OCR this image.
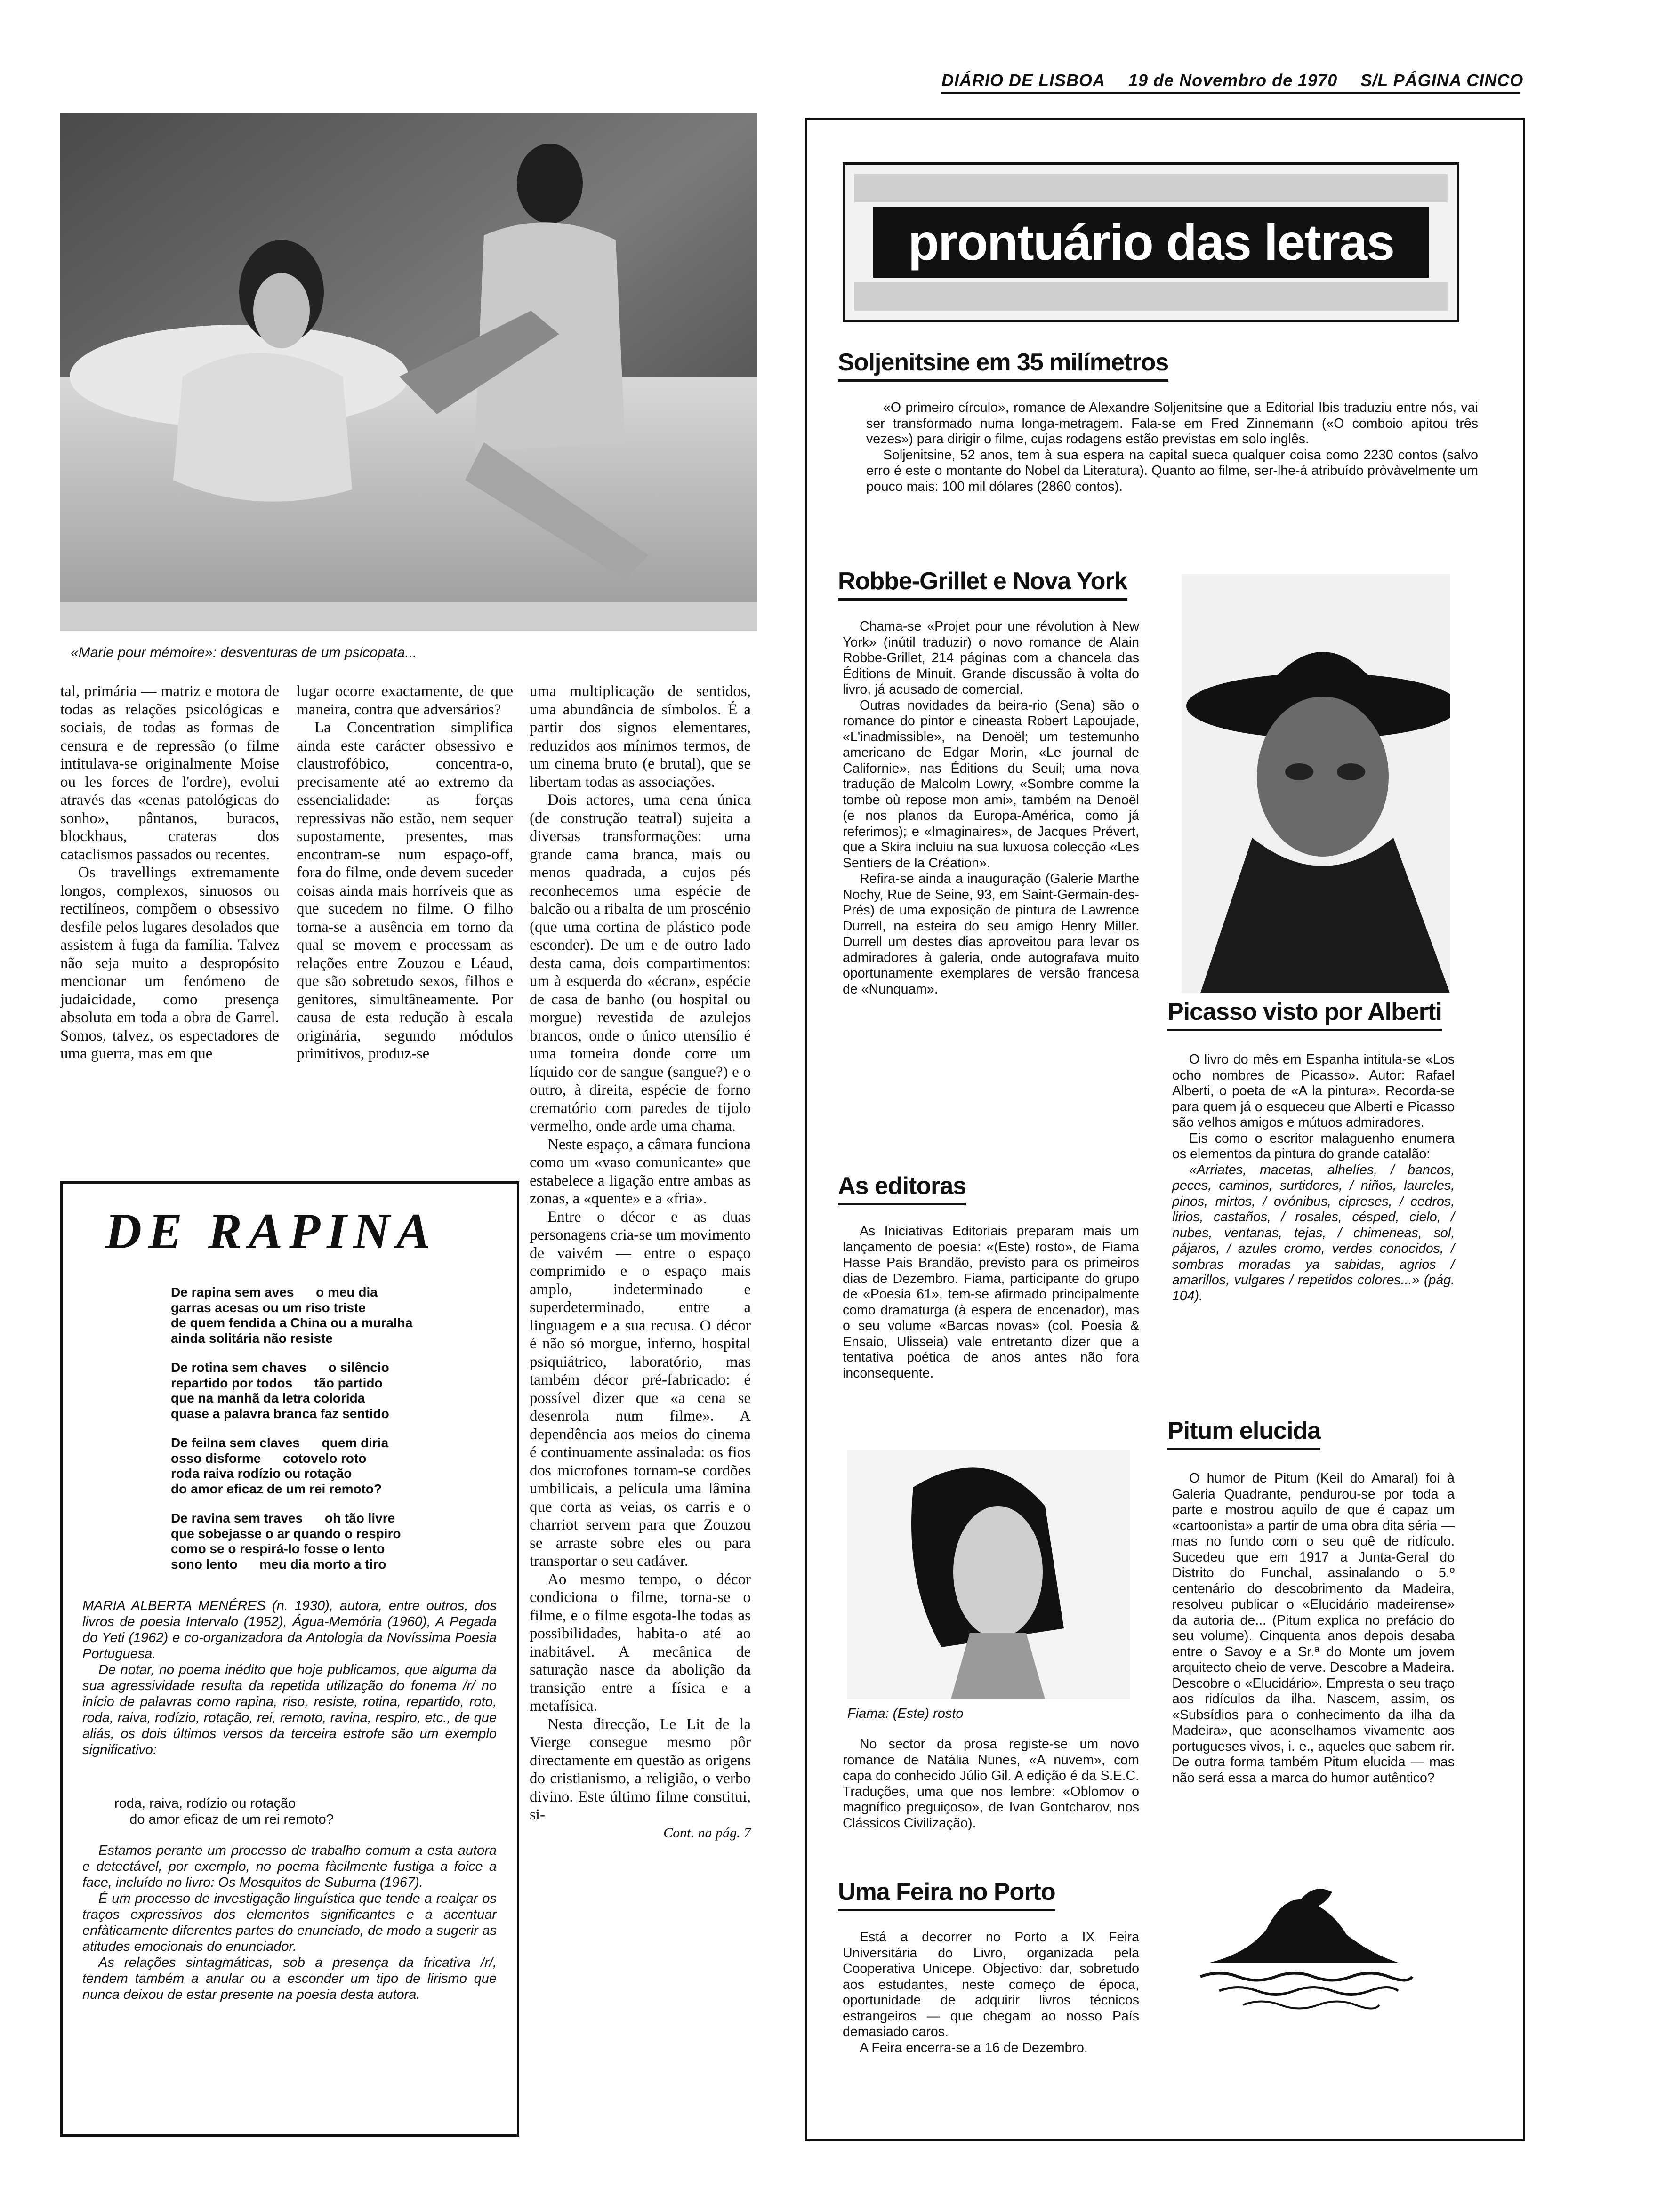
DIÁRIO DE LISBOA 19 de Novembro de 1970 S/L PÁGINA CINCO
«Marie pour mémoire»: desventuras de um psicopata...

tal, primária — matriz e motora de todas as relações psicológicas e sociais, de todas as formas de censura e de repressão (o filme intitulava-se originalmente Moise ou les forces de l'ordre), evolui através das «cenas patológicas do sonho», pântanos, buracos, blockhaus, crateras dos cataclismos passados ou recentes.

Os travellings extremamente longos, complexos, sinuosos ou rectilíneos, compõem o obsessivo desfile pelos lugares desolados que assistem à fuga da família. Talvez não seja muito a despropósito mencionar um fenómeno de judaicidade, como presença absoluta em toda a obra de Garrel. Somos, talvez, os espectadores de uma guerra, mas em que

lugar ocorre exactamente, de que maneira, contra que adversários?

La Concentration simplifica ainda este carácter obsessivo e claustrofóbico, concentra-o, precisamente até ao extremo da essencialidade: as forças repressivas não estão, nem sequer supostamente, presentes, mas encontram-se num espaço-off, fora do filme, onde devem suceder coisas ainda mais horríveis que as que sucedem no filme. O filho torna-se a ausência em torno da qual se movem e processam as relações entre Zouzou e Léaud, que são sobretudo sexos, filhos e genitores, simultâneamente. Por causa de esta redução à escala originária, segundo módulos primitivos, produz-se

uma multiplicação de sentidos, uma abundância de símbolos. É a partir dos signos elementares, reduzidos aos mínimos termos, de um cinema bruto (e brutal), que se libertam todas as associações.

Dois actores, uma cena única (de construção teatral) sujeita a diversas transformações: uma grande cama branca, mais ou menos quadrada, a cujos pés reconhecemos uma espécie de balcão ou a ribalta de um proscénio (que uma cortina de plástico pode esconder). De um e de outro lado desta cama, dois compartimentos: um à esquerda do «écran», espécie de casa de banho (ou hospital ou morgue) revestida de azulejos brancos, onde o único utensílio é uma torneira donde corre um líquido cor de sangue (sangue?) e o outro, à direita, espécie de forno crematório com paredes de tijolo vermelho, onde arde uma chama.

Neste espaço, a câmara funciona como um «vaso comunicante» que estabelece a ligação entre ambas as zonas, a «quente» e a «fria».

Entre o décor e as duas personagens cria-se um movimento de vaivém — entre o espaço comprimido e o espaço mais amplo, indeterminado e superdeterminado, entre a linguagem e a sua recusa. O décor é não só morgue, inferno, hospital psiquiátrico, laboratório, mas também décor pré-fabricado: é possível dizer que «a cena se desenrola num filme». A dependência aos meios do cinema é continuamente assinalada: os fios dos microfones tornam-se cordões umbilicais, a película uma lâmina que corta as veias, os carris e o charriot servem para que Zouzou se arraste sobre eles ou para transportar o seu cadáver.

Ao mesmo tempo, o décor condiciona o filme, torna-se o filme, e o filme esgota-lhe todas as possibilidades, habita-o até ao inabitável. A mecânica de saturação nasce da abolição da transição entre a física e a metafísica.

Nesta direcção, Le Lit de la Vierge consegue mesmo pôr directamente em questão as origens do cristianismo, a religião, o verbo divino. Este último filme constitui, si-

Cont. na pág. 7
DE RAPINA
De rapina sem aves      o meu dia
garras acesas ou um riso triste
de quem fendida a China ou a muralha
ainda solitária não resiste
De rotina sem chaves      o silêncio
repartido por todos      tão partido
que na manhã da letra colorida
quase a palavra branca faz sentido
De feilna sem claves      quem diria
osso disforme      cotovelo roto
roda raiva rodízio ou rotação
do amor eficaz de um rei remoto?
De ravina sem traves      oh tão livre
que sobejasse o ar quando o respiro
como se o respirá-lo fosse o lento
sono lento      meu dia morto a tiro

MARIA ALBERTA MENÉRES (n. 1930), autora, entre outros, dos livros de poesia Intervalo (1952), Água-Memória (1960), A Pegada do Yeti (1962) e co-organizadora da Antologia da Novíssima Poesia Portuguesa.

De notar, no poema inédito que hoje publicamos, que alguma da sua agressividade resulta da repetida utilização do fonema /r/ no início de palavras como rapina, riso, resiste, rotina, repartido, roto, roda, raiva, rodízio, rotação, rei, remoto, ravina, respiro, etc., de que aliás, os dois últimos versos da terceira estrofe são um exemplo significativo:

roda, raiva, rodízio ou rotação
do amor eficaz de um rei remoto?

Estamos perante um processo de trabalho comum a esta autora e detectável, por exemplo, no poema fàcilmente fustiga a foice a face, incluído no livro: Os Mosquitos de Suburna (1967).

É um processo de investigação linguística que tende a realçar os traços expressivos dos elementos significantes e a acentuar enfàticamente diferentes partes do enunciado, de modo a sugerir as atitudes emocionais do enunciador.

As relações sintagmáticas, sob a presença da fricativa /r/, tendem também a anular ou a esconder um tipo de lirismo que nunca deixou de estar presente na poesia desta autora.

prontuário das letras
Soljenitsine em 35 milímetros

«O primeiro círculo», romance de Alexandre Soljenitsine que a Editorial Ibis traduziu entre nós, vai ser transformado numa longa-metragem. Fala-se em Fred Zinnemann («O comboio apitou três vezes») para dirigir o filme, cujas rodagens estão previstas em solo inglês.

Soljenitsine, 52 anos, tem à sua espera na capital sueca qualquer coisa como 2230 contos (salvo erro é este o montante do Nobel da Literatura). Quanto ao filme, ser-lhe-á atribuído pròvàvelmente um pouco mais: 100 mil dólares (2860 contos).

Robbe-Grillet e Nova York

Chama-se «Projet pour une révolution à New York» (inútil traduzir) o novo romance de Alain Robbe-Grillet, 214 páginas com a chancela das Éditions de Minuit. Grande discussão à volta do livro, já acusado de comercial.

Outras novidades da beira-rio (Sena) são o romance do pintor e cineasta Robert Lapoujade, «L'inadmissible», na Denoël; um testemunho americano de Edgar Morin, «Le journal de Californie», nas Éditions du Seuil; uma nova tradução de Malcolm Lowry, «Sombre comme la tombe où repose mon ami», também na Denoël (e nos planos da Europa-América, como já referimos); e «Imaginaires», de Jacques Prévert, que a Skira incluiu na sua luxuosa colecção «Les Sentiers de la Création».

Refira-se ainda a inauguração (Galerie Marthe Nochy, Rue de Seine, 93, em Saint-Germain-des-Prés) de uma exposição de pintura de Lawrence Durrell, na esteira do seu amigo Henry Miller. Durrell um destes dias aproveitou para levar os admiradores à galeria, onde autografava muito oportunamente exemplares de versão francesa de «Nunquam».

Picasso visto por Alberti

O livro do mês em Espanha intitula-se «Los ocho nombres de Picasso». Autor: Rafael Alberti, o poeta de «A la pintura». Recorda-se para quem já o esqueceu que Alberti e Picasso são velhos amigos e mútuos admiradores.

Eis como o escritor malaguenho enumera os elementos da pintura do grande catalão:

«Arriates, macetas, alhelíes, / bancos, peces, caminos, surtidores, / niños, laureles, pinos, mirtos, / ovónibus, cipreses, / cedros, lirios, castaños, / rosales, césped, cielo, / nubes, ventanas, tejas, / chimeneas, sol, pájaros, / azules cromo, verdes conocidos, / sombras moradas ya sabidas, agrios / amarillos, vulgares / repetidos colores...» (pág. 104).

As editoras

As Iniciativas Editoriais preparam mais um lançamento de poesia: «(Este) rosto», de Fiama Hasse Pais Brandão, previsto para os primeiros dias de Dezembro. Fiama, participante do grupo de «Poesia 61», tem-se afirmado principalmente como dramaturga (à espera de encenador), mas o seu volume «Barcas novas» (col. Poesia & Ensaio, Ulisseia) vale entretanto dizer que a tentativa poética de anos antes não fora inconsequente.

Fiama: (Este) rosto

No sector da prosa registe-se um novo romance de Natália Nunes, «A nuvem», com capa do conhecido Júlio Gil. A edição é da S.E.C. Traduções, uma que nos lembre: «Oblomov o magnífico preguiçoso», de Ivan Gontcharov, nos Clássicos Civilização).

Pitum elucida

O humor de Pitum (Keil do Amaral) foi à Galeria Quadrante, pendurou-se por toda a parte e mostrou aquilo de que é capaz um «cartoonista» a partir de uma obra dita séria — mas no fundo com o seu quê de ridículo. Sucedeu que em 1917 a Junta-Geral do Distrito do Funchal, assinalando o 5.º centenário do descobrimento da Madeira, resolveu publicar o «Elucidário madeirense» da autoria de... (Pitum explica no prefácio do seu volume). Cinquenta anos depois desaba entre o Savoy e a Sr.ª do Monte um jovem arquitecto cheio de verve. Descobre a Madeira. Descobre o «Elucidário». Empresta o seu traço aos ridículos da ilha. Nascem, assim, os «Subsídios para o conhecimento da ilha da Madeira», que aconselhamos vivamente aos portugueses vivos, i. e., aqueles que sabem rir. De outra forma também Pitum elucida — mas não será essa a marca do humor autêntico?

Uma Feira no Porto

Está a decorrer no Porto a IX Feira Universitária do Livro, organizada pela Cooperativa Unicepe. Objectivo: dar, sobretudo aos estudantes, neste começo de época, oportunidade de adquirir livros técnicos estrangeiros — que chegam ao nosso País demasiado caros.

A Feira encerra-se a 16 de Dezembro.
